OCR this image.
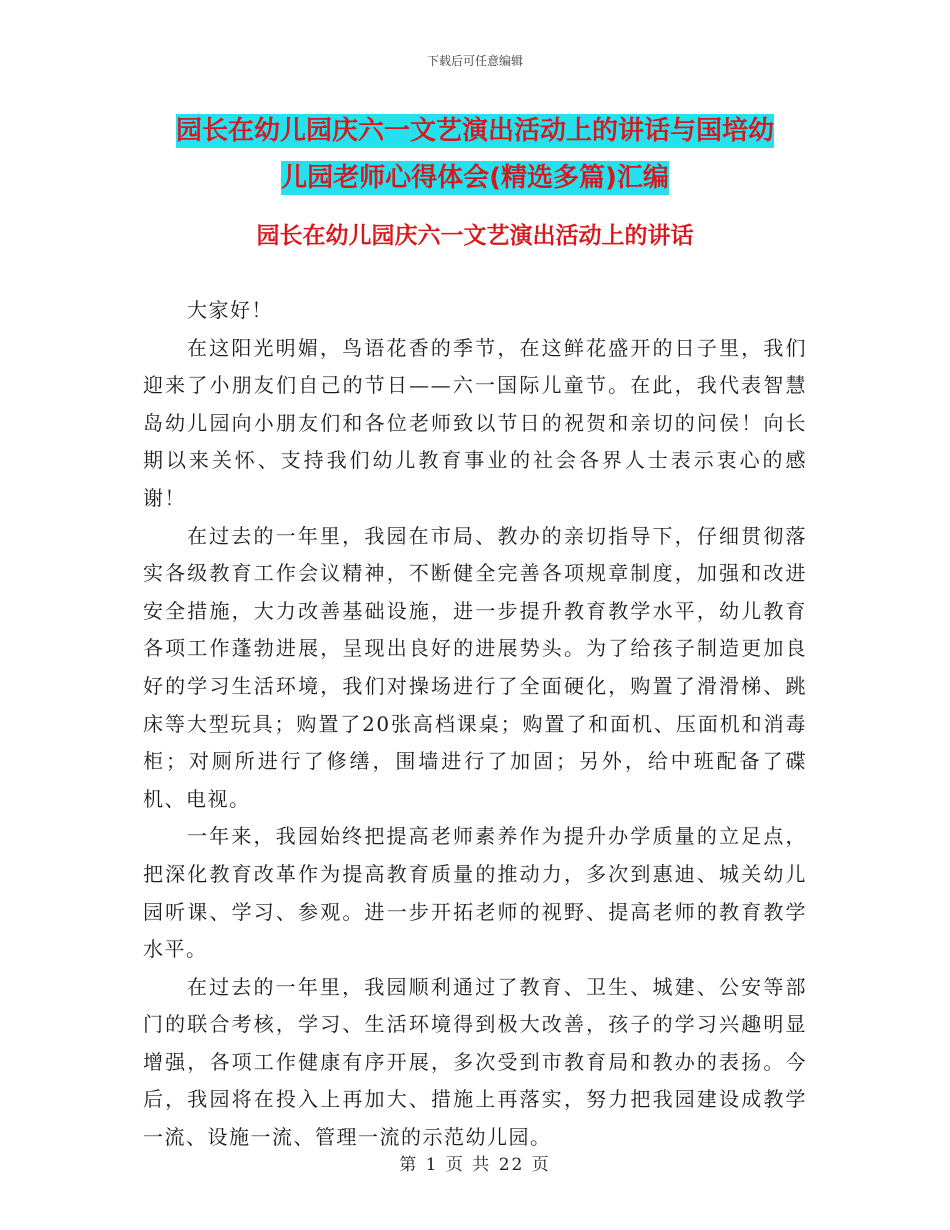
下载后可任意编辑
园长在幼儿园庆六一文艺演出活动上的讲话与国培幼
儿园老师心得体会(精选多篇)汇编
园长在幼儿园庆六一文艺演出活动上的讲话

大家好！

在这阳光明媚，鸟语花香的季节，在这鲜花盛开的日子里，我们迎来了小朋友们自己的节日——六一国际儿童节。在此，我代表智慧岛幼儿园向小朋友们和各位老师致以节日的祝贺和亲切的问侯！向长期以来关怀、支持我们幼儿教育事业的社会各界人士表示衷心的感谢！

在过去的一年里，我园在市局、教办的亲切指导下，仔细贯彻落实各级教育工作会议精神，不断健全完善各项规章制度，加强和改进安全措施，大力改善基础设施，进一步提升教育教学水平，幼儿教育各项工作蓬勃进展，呈现出良好的进展势头。为了给孩子制造更加良好的学习生活环境，我们对操场进行了全面硬化，购置了滑滑梯、跳床等大型玩具；购置了20张高档课桌；购置了和面机、压面机和消毒柜；对厕所进行了修缮，围墙进行了加固；另外，给中班配备了碟机、电视。

一年来，我园始终把提高老师素养作为提升办学质量的立足点，把深化教育改革作为提高教育质量的推动力，多次到惠迪、城关幼儿园听课、学习、参观。进一步开拓老师的视野、提高老师的教育教学水平。

在过去的一年里，我园顺利通过了教育、卫生、城建、公安等部门的联合考核，学习、生活环境得到极大改善，孩子的学习兴趣明显增强，各项工作健康有序开展，多次受到市教育局和教办的表扬。今后，我园将在投入上再加大、措施上再落实，努力把我园建设成教学一流、设施一流、管理一流的示范幼儿园。

第 1 页 共 22 页
